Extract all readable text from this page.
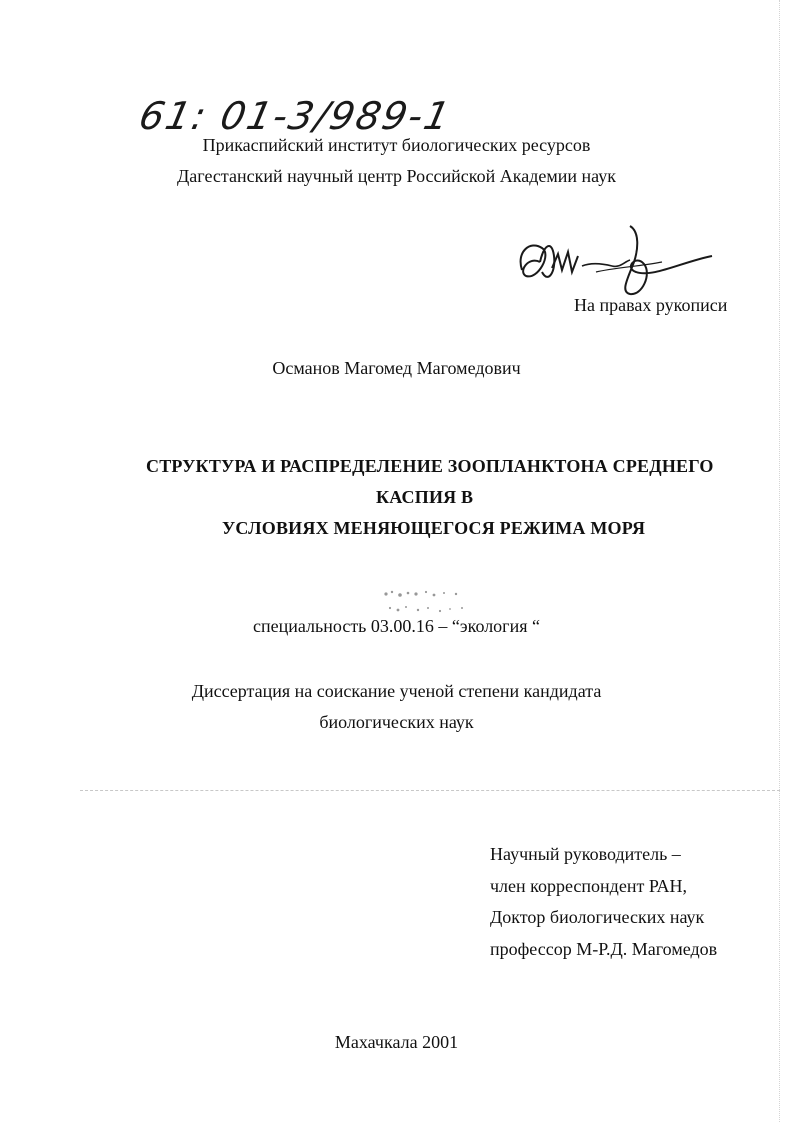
61: 01-3/989-1
Прикаспийский институт биологических ресурсов
Дагестанский научный центр Российской Академии наук
На правах рукописи
Османов Магомед Магомедович
СТРУКТУРА И РАСПРЕДЕЛЕНИЕ ЗООПЛАНКТОНА СРЕДНЕГО
КАСПИЯ В
УСЛОВИЯХ МЕНЯЮЩЕГОСЯ РЕЖИМА МОРЯ
специальность 03.00.16 – “экология “
Диссертация на соискание ученой степени кандидата
биологических наук
Научный руководитель –
член корреспондент РАН,
Доктор биологических наук
профессор М-Р.Д. Магомедов
Махачкала 2001
